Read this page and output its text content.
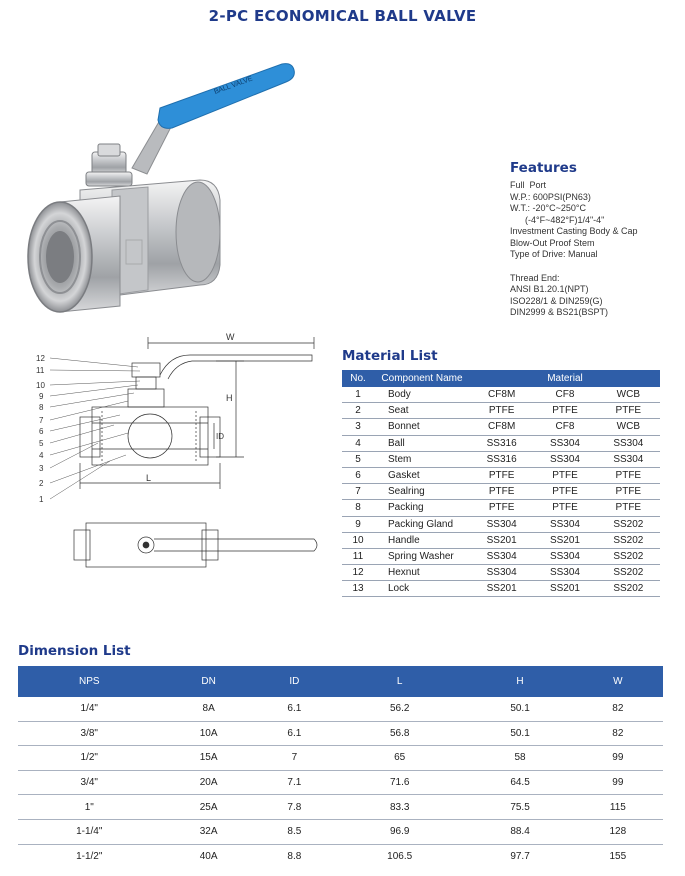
2-PC ECONOMICAL BALL VALVE
BALL VALVE
Features
Full  Port
W.P.: 600PSI(PN63)
W.T.: -20°C~250°C
(-4°F~482°F)1/4"-4"
Investment Casting Body & Cap
Blow-Out Proof Stem
Type of Drive: Manual
Thread End:
ANSI B1.20.1(NPT)
ISO228/1 & DIN259(G)
DIN2999 & BS21(BSPT)
W
H
ID
L
12
11
10
9
8
7
6
5
4
3
2
1
Material List
No.	Component Name	Material		
1	Body	CF8M	CF8	WCB
2	Seat	PTFE	PTFE	PTFE
3	Bonnet	CF8M	CF8	WCB
4	Ball	SS316	SS304	SS304
5	Stem	SS316	SS304	SS304
6	Gasket	PTFE	PTFE	PTFE
7	Sealring	PTFE	PTFE	PTFE
8	Packing	PTFE	PTFE	PTFE
9	Packing Gland	SS304	SS304	SS202
10	Handle	SS201	SS201	SS202
11	Spring Washer	SS304	SS304	SS202
12	Hexnut	SS304	SS304	SS202
13	Lock	SS201	SS201	SS202
Dimension List
NPS	DN	ID	L	H	W
1/4"	8A	6.1	56.2	50.1	82
3/8"	10A	6.1	56.8	50.1	82
1/2"	15A	7	65	58	99
3/4"	20A	7.1	71.6	64.5	99
1"	25A	7.8	83.3	75.5	115
1-1/4"	32A	8.5	96.9	88.4	128
1-1/2"	40A	8.8	106.5	97.7	155
